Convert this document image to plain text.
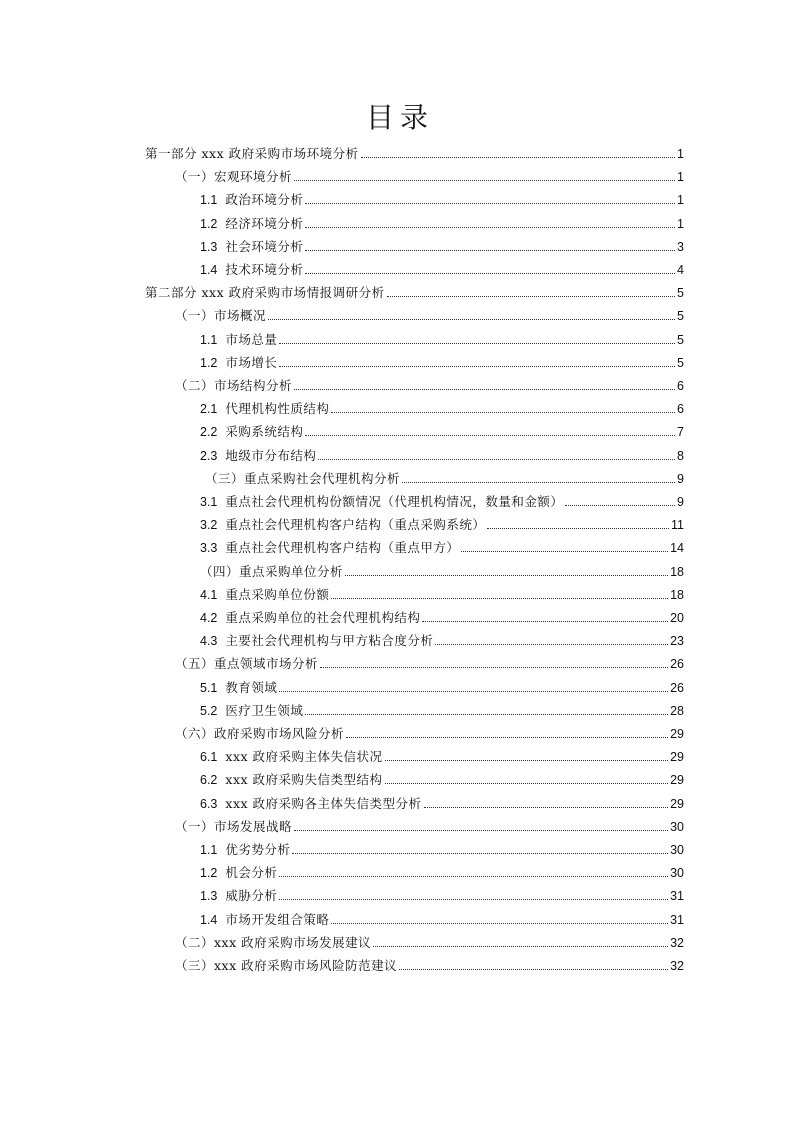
目录
第一部分 xxx 政府采购市场环境分析	1
（一）宏观环境分析	1
1.1 政治环境分析	1
1.2 经济环境分析	1
1.3 社会环境分析	3
1.4 技术环境分析	4
第二部分 xxx 政府采购市场情报调研分析	5
（一）市场概况	5
1.1 市场总量	5
1.2 市场增长	5
（二）市场结构分析	6
2.1 代理机构性质结构	6
2.2 采购系统结构	7
2.3 地级市分布结构	8
（三）重点采购社会代理机构分析	9
3.1 重点社会代理机构份额情况（代理机构情况，数量和金额）	9
3.2 重点社会代理机构客户结构（重点采购系统）	11
3.3 重点社会代理机构客户结构（重点甲方）	14
（四）重点采购单位分析	18
4.1 重点采购单位份额	18
4.2 重点采购单位的社会代理机构结构	20
4.3 主要社会代理机构与甲方粘合度分析	23
（五）重点领域市场分析	26
5.1 教育领域	26
5.2 医疗卫生领域	28
（六）政府采购市场风险分析	29
6.1 xxx 政府采购主体失信状况	29
6.2 xxx 政府采购失信类型结构	29
6.3 xxx 政府采购各主体失信类型分析	29
（一）市场发展战略	30
1.1 优劣势分析	30
1.2 机会分析	30
1.3 威胁分析	31
1.4 市场开发组合策略	31
（二）xxx 政府采购市场发展建议	32
（三）xxx 政府采购市场风险防范建议	32
